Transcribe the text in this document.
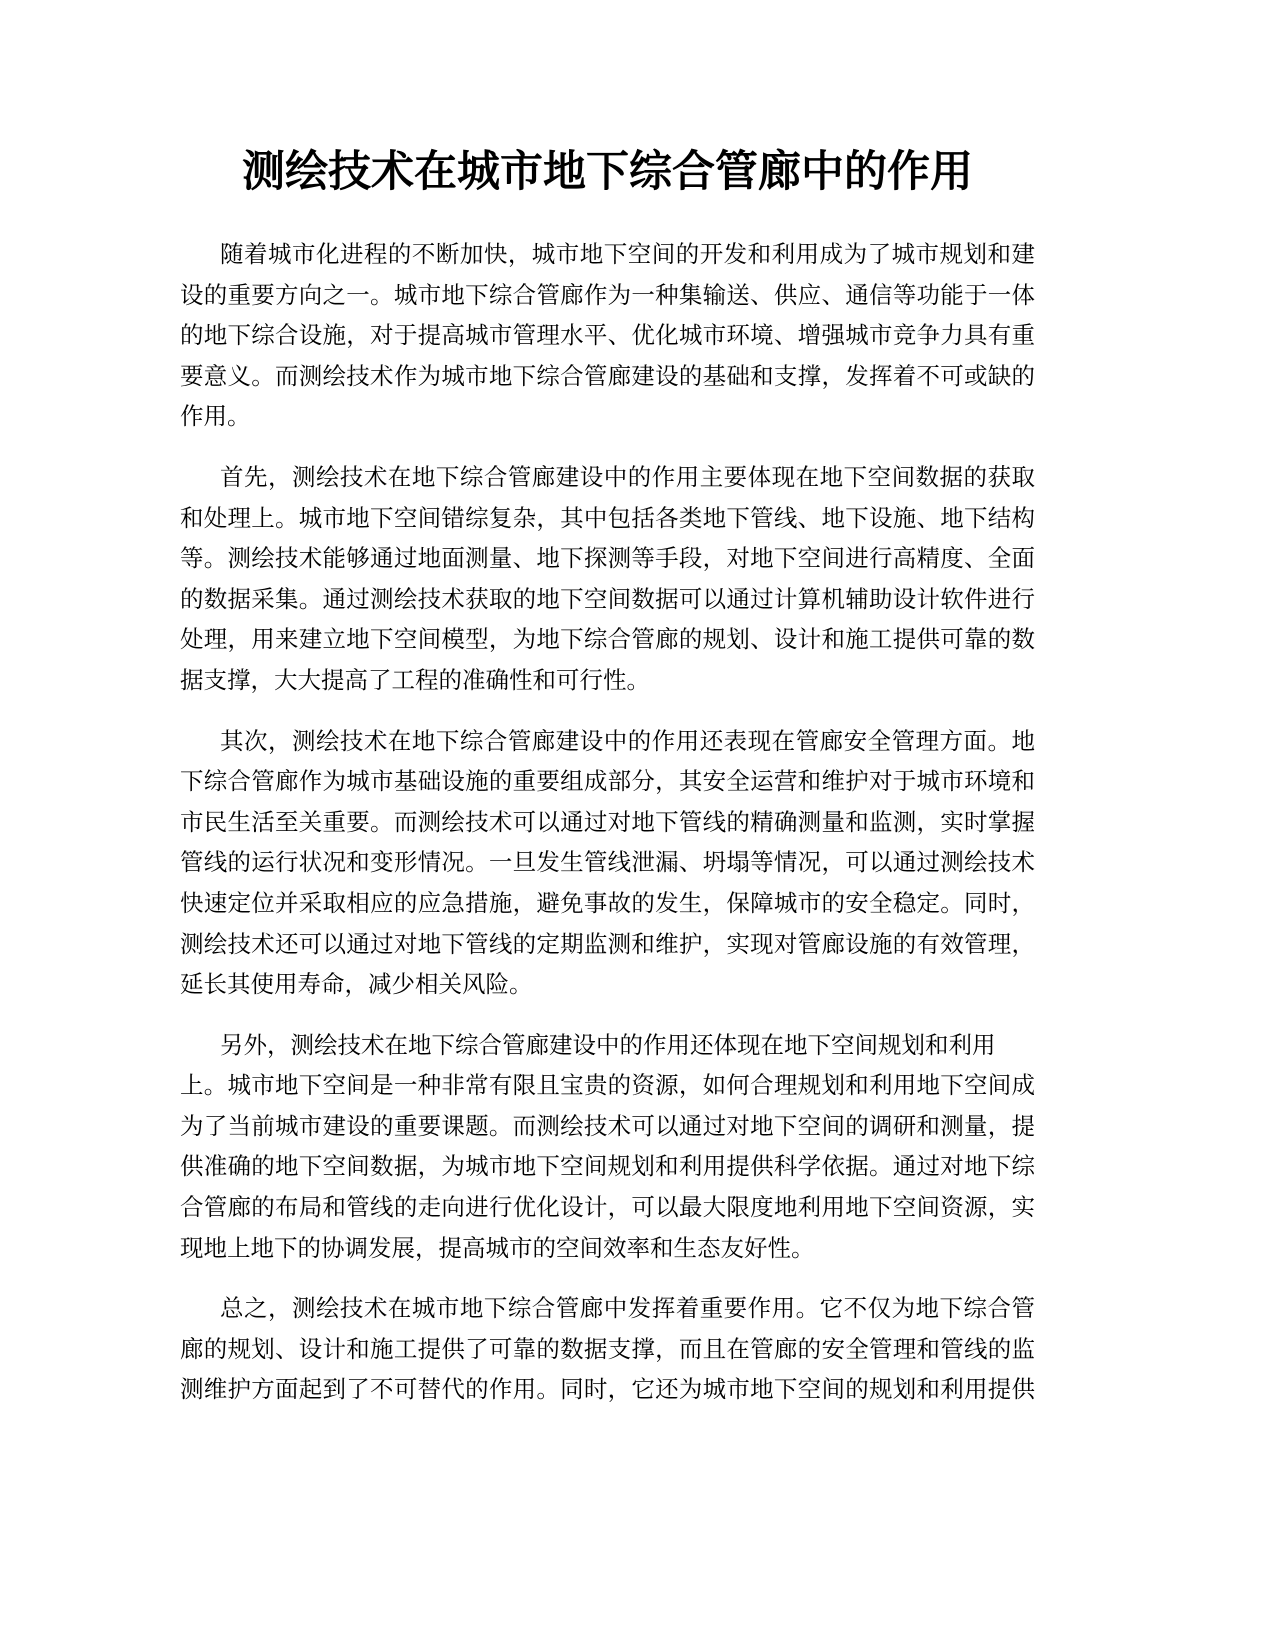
测绘技术在城市地下综合管廊中的作用
随着城市化进程的不断加快，城市地下空间的开发和利用成为了城市规划和建
设的重要方向之一。城市地下综合管廊作为一种集输送、供应、通信等功能于一体
的地下综合设施，对于提高城市管理水平、优化城市环境、增强城市竞争力具有重
要意义。而测绘技术作为城市地下综合管廊建设的基础和支撑，发挥着不可或缺的
作用。
首先，测绘技术在地下综合管廊建设中的作用主要体现在地下空间数据的获取
和处理上。城市地下空间错综复杂，其中包括各类地下管线、地下设施、地下结构
等。测绘技术能够通过地面测量、地下探测等手段，对地下空间进行高精度、全面
的数据采集。通过测绘技术获取的地下空间数据可以通过计算机辅助设计软件进行
处理，用来建立地下空间模型，为地下综合管廊的规划、设计和施工提供可靠的数
据支撑，大大提高了工程的准确性和可行性。
其次，测绘技术在地下综合管廊建设中的作用还表现在管廊安全管理方面。地
下综合管廊作为城市基础设施的重要组成部分，其安全运营和维护对于城市环境和
市民生活至关重要。而测绘技术可以通过对地下管线的精确测量和监测，实时掌握
管线的运行状况和变形情况。一旦发生管线泄漏、坍塌等情况，可以通过测绘技术
快速定位并采取相应的应急措施，避免事故的发生，保障城市的安全稳定。同时，
测绘技术还可以通过对地下管线的定期监测和维护，实现对管廊设施的有效管理，
延长其使用寿命，减少相关风险。
另外，测绘技术在地下综合管廊建设中的作用还体现在地下空间规划和利用
上。城市地下空间是一种非常有限且宝贵的资源，如何合理规划和利用地下空间成
为了当前城市建设的重要课题。而测绘技术可以通过对地下空间的调研和测量，提
供准确的地下空间数据，为城市地下空间规划和利用提供科学依据。通过对地下综
合管廊的布局和管线的走向进行优化设计，可以最大限度地利用地下空间资源，实
现地上地下的协调发展，提高城市的空间效率和生态友好性。
总之，测绘技术在城市地下综合管廊中发挥着重要作用。它不仅为地下综合管
廊的规划、设计和施工提供了可靠的数据支撑，而且在管廊的安全管理和管线的监
测维护方面起到了不可替代的作用。同时，它还为城市地下空间的规划和利用提供
